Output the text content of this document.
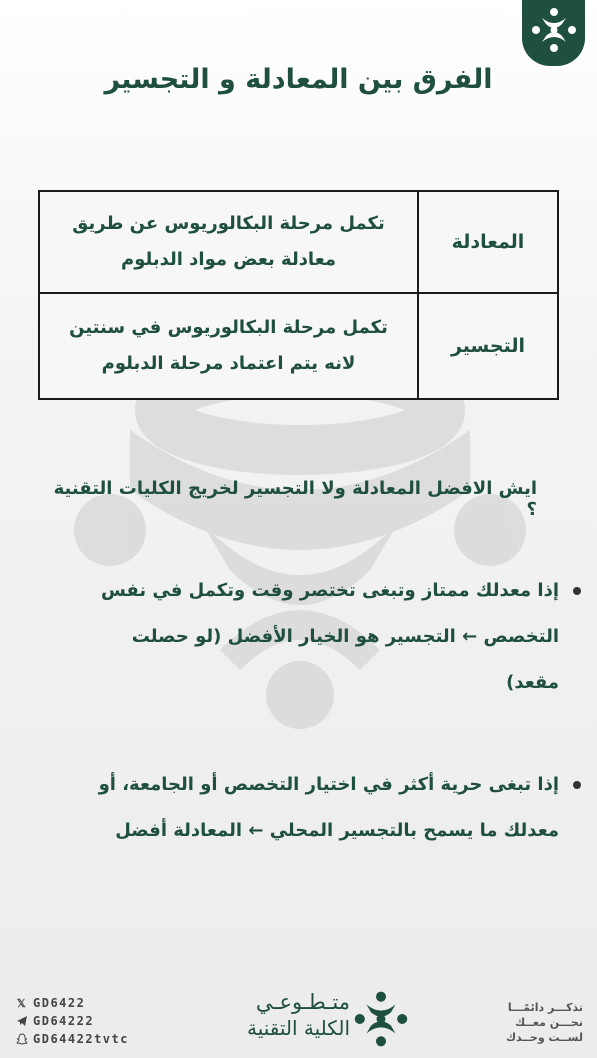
الفرق بين المعادلة و التجسير
المعادلة	تكمل مرحلة البكالوريوس عن طريق
معادلة بعض مواد الدبلوم

التجسير	تكمل مرحلة البكالوريوس في سنتين
لانه يتم اعتماد مرحلة الدبلوم
ايش الافضل المعادلة ولا التجسير لخريج الكليات التقنية ؟
إذا معدلك ممتاز وتبغى تختصر وقت وتكمل في نفس
التخصص ← التجسير هو الخيار الأفضل (لو حصلت مقعد)
إذا تبغى حرية أكثر في اختيار التخصص أو الجامعة، أو
معدلك ما يسمح بالتجسير المحلي ← المعادلة أفضل
𝕏 GD6422
GD64222
GD64422tvtc
متـطـوعـي
الكلية التقنية
تذكـــر دائمًـــا
نحـــن معــك
لســت وحــدك
